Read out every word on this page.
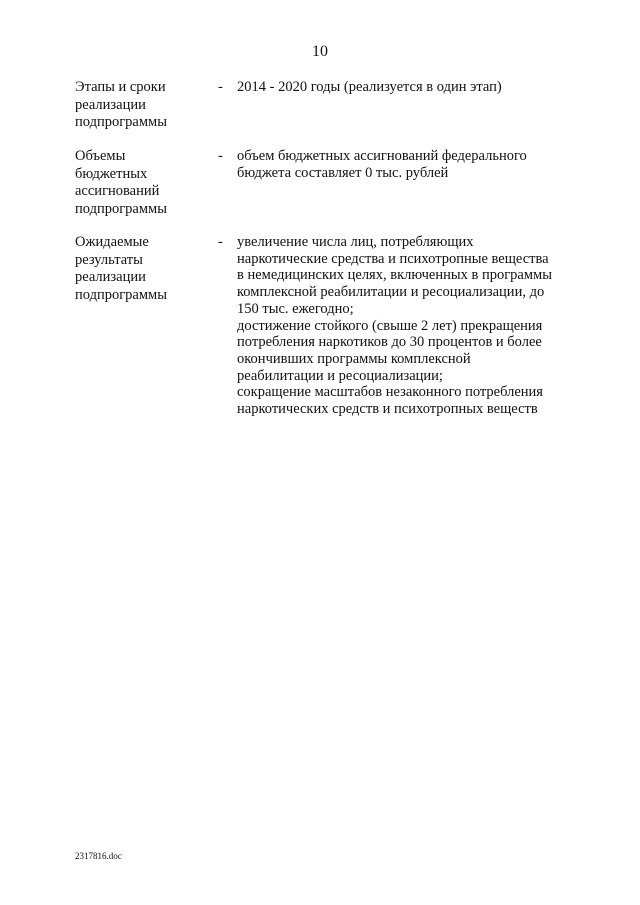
10
Этапы и сроки
реализации
подпрограммы
- 2014 - 2020 годы (реализуется в один этап)
Объемы
бюджетных
ассигнований
подпрограммы
- объем бюджетных ассигнований федерального
бюджета составляет 0 тыс. рублей
Ожидаемые
результаты
реализации
подпрограммы
- увеличение числа лиц, потребляющих
наркотические средства и психотропные вещества
в немедицинских целях, включенных в программы
комплексной реабилитации и ресоциализации, до
150 тыс. ежегодно;
достижение стойкого (свыше 2 лет) прекращения
потребления наркотиков до 30 процентов и более
окончивших программы комплексной
реабилитации и ресоциализации;
сокращение масштабов незаконного потребления
наркотических средств и психотропных веществ
2317816.doc
